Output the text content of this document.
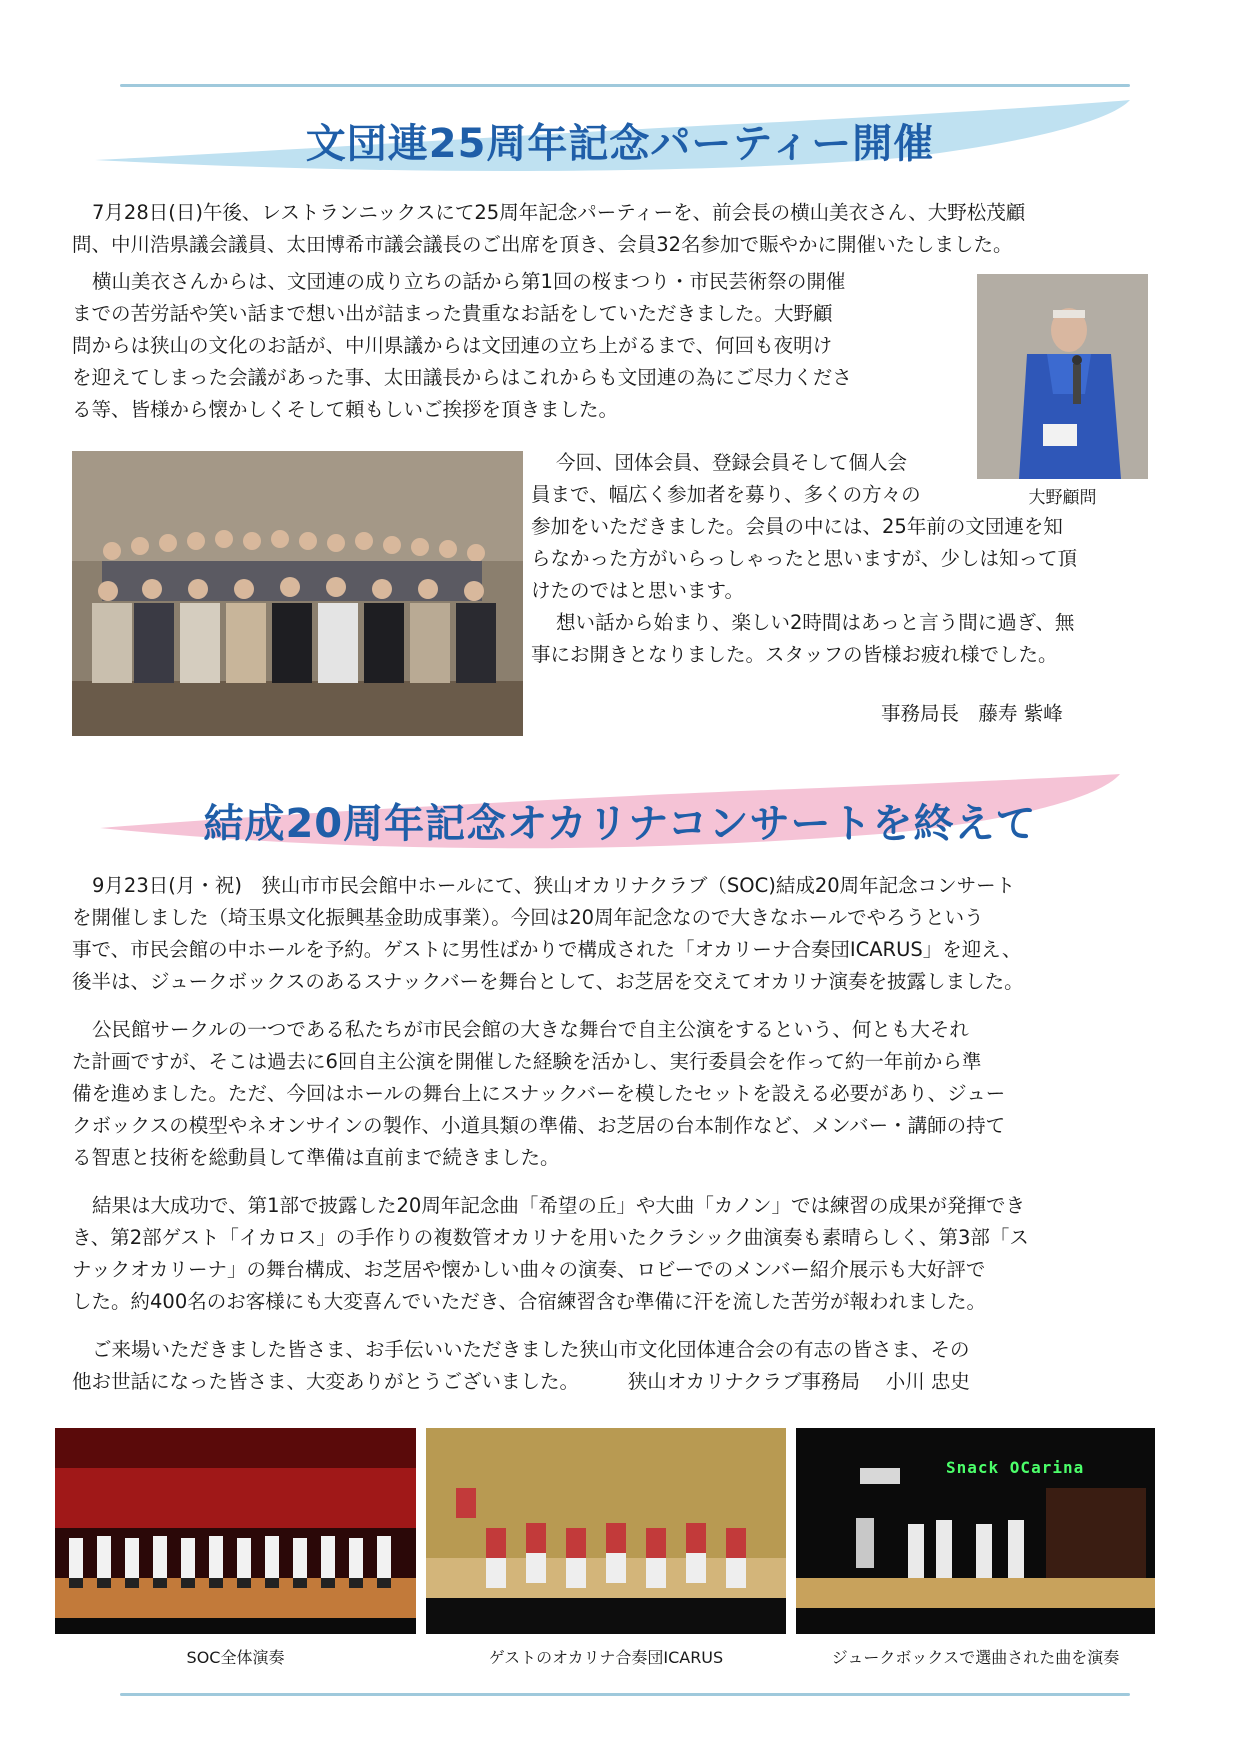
文団連25周年記念パーティー開催

7月28日(日)午後、レストランニックスにて25周年記念パーティーを、前会長の横山美衣さん、大野松茂顧
問、中川浩県議会議員、太田博希市議会議長のご出席を頂き、会員32名参加で賑やかに開催いたしました。

横山美衣さんからは、文団連の成り立ちの話から第1回の桜まつり・市民芸術祭の開催
までの苦労話や笑い話まで想い出が詰まった貴重なお話をしていただきました。大野顧
問からは狭山の文化のお話が、中川県議からは文団連の立ち上がるまで、何回も夜明け
を迎えてしまった会議があった事、太田議長からはこれからも文団連の為にご尽力くださ
る等、皆様から懐かしくそして頼もしいご挨拶を頂きました。

大野顧問

今回、団体会員、登録会員そして個人会
員まで、幅広く参加者を募り、多くの方々の
参加をいただきました。会員の中には、25年前の文団連を知
らなかった方がいらっしゃったと思いますが、少しは知って頂
けたのではと思います。
想い話から始まり、楽しい2時間はあっと言う間に過ぎ、無
事にお開きとなりました。スタッフの皆様お疲れ様でした。

事務局長　藤寿 紫峰
結成20周年記念オカリナコンサートを終えて

9月23日(月・祝)　狭山市市民会館中ホールにて、狭山オカリナクラブ（SOC)結成20周年記念コンサート
を開催しました（埼玉県文化振興基金助成事業）。今回は20周年記念なので大きなホールでやろうという
事で、市民会館の中ホールを予約。ゲストに男性ばかりで構成された「オカリーナ合奏団ICARUS」を迎え、
後半は、ジュークボックスのあるスナックバーを舞台として、お芝居を交えてオカリナ演奏を披露しました。

公民館サークルの一つである私たちが市民会館の大きな舞台で自主公演をするという、何とも大それ
た計画ですが、そこは過去に6回自主公演を開催した経験を活かし、実行委員会を作って約一年前から準
備を進めました。ただ、今回はホールの舞台上にスナックバーを模したセットを設える必要があり、ジュー
クボックスの模型やネオンサインの製作、小道具類の準備、お芝居の台本制作など、メンバー・講師の持て
る智恵と技術を総動員して準備は直前まで続きました。

結果は大成功で、第1部で披露した20周年記念曲「希望の丘」や大曲「カノン」では練習の成果が発揮でき
き、第2部ゲスト「イカロス」の手作りの複数管オカリナを用いたクラシック曲演奏も素晴らしく、第3部「ス
ナックオカリーナ」の舞台構成、お芝居や懐かしい曲々の演奏、ロビーでのメンバー紹介展示も大好評で
した。約400名のお客様にも大変喜んでいただき、合宿練習含む準備に汗を流した苦労が報われました。

ご来場いただきました皆さま、お手伝いいただきました狭山市文化団体連合会の有志の皆さま、その
他お世話になった皆さま、大変ありがとうございました。　　　狭山オカリナクラブ事務局　 小川 忠史

Snack OCarina
SOC全体演奏	ゲストのオカリナ合奏団ICARUS	ジュークボックスで選曲された曲を演奏
